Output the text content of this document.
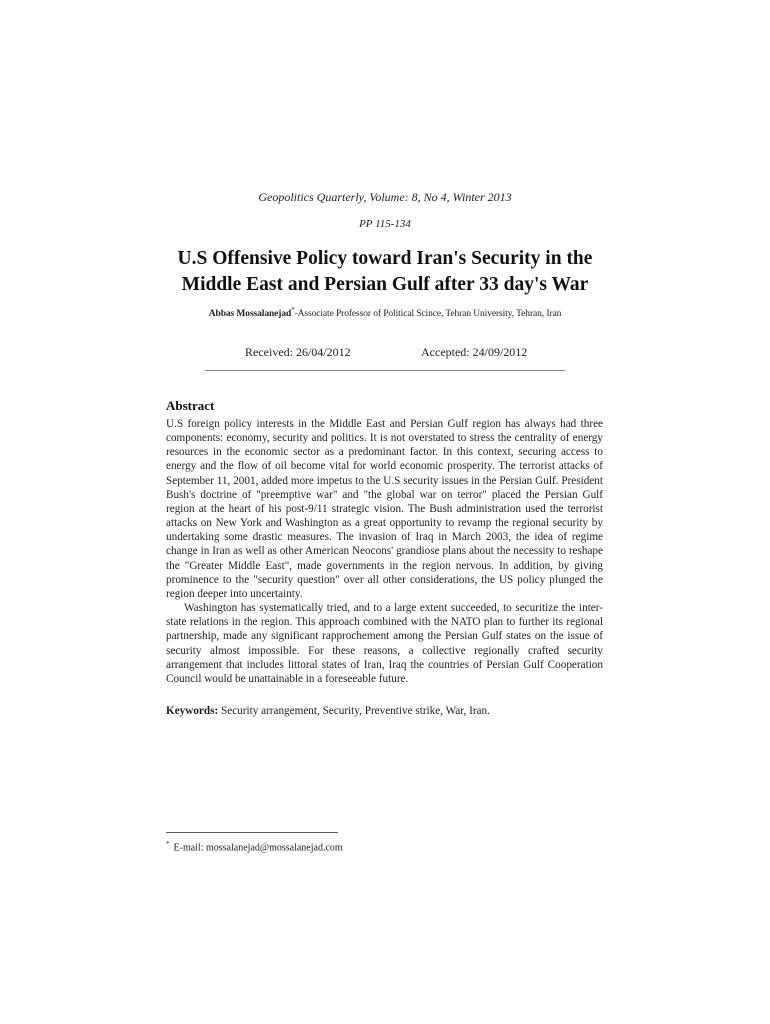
Geopolitics Quarterly, Volume: 8, No 4, Winter 2013
PP 115-134
U.S Offensive Policy toward Iran's Security in the
Middle East and Persian Gulf after 33 day's War
Abbas Mossalanejad*-Associate Professor of Political Scince, Tehran University, Tehran, Iran
Received: 26/04/2012	Accepted: 24/09/2012
Abstract

U.S foreign policy interests in the Middle East and Persian Gulf region has always had three components: economy, security and politics. It is not overstated to stress the centrality of energy resources in the economic sector as a predominant factor. In this context, securing access to energy and the flow of oil become vital for world economic prosperity. The terrorist attacks of September 11, 2001, added more impetus to the U.S security issues in the Persian Gulf. President Bush's doctrine of "preemptive war" and "the global war on terror" placed the Persian Gulf region at the heart of his post-9/11 strategic vision. The Bush administration used the terrorist attacks on New York and Washington as a great opportunity to revamp the regional security by undertaking some drastic measures. The invasion of Iraq in March 2003, the idea of regime change in Iran as well as other American Neocons' grandiose plans about the necessity to reshape the "Greater Middle East", made governments in the region nervous. In addition, by giving prominence to the "security question" over all other considerations, the US policy plunged the region deeper into uncertainty.

Washington has systematically tried, and to a large extent succeeded, to securitize the inter-state relations in the region. This approach combined with the NATO plan to further its regional partnership, made any significant rapprochement among the Persian Gulf states on the issue of security almost impossible. For these reasons, a collective regionally crafted security arrangement that includes littoral states of Iran, Iraq the countries of Persian Gulf Cooperation Council would be unattainable in a foreseeable future.

Keywords: Security arrangement, Security, Preventive strike, War, Iran.
* E-mail: mossalanejad@mossalanejad.com
